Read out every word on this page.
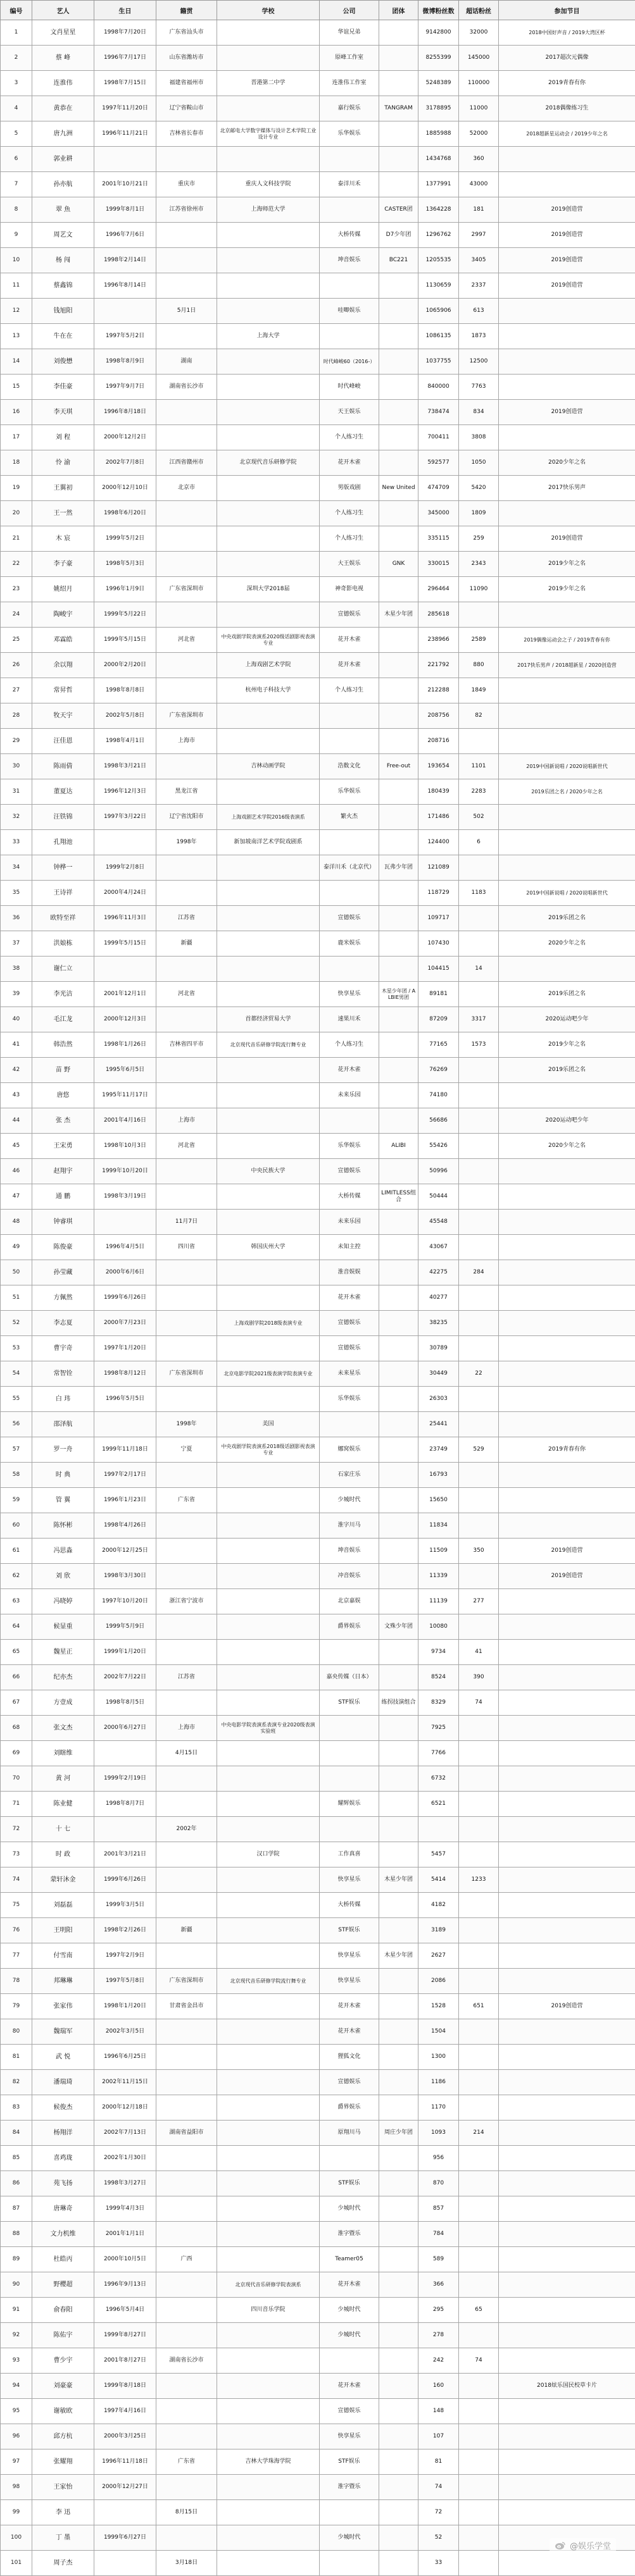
编号	艺人	生日	籍贯	学校	公司	团体	微博粉丝数	超话粉丝	参加节目
1	文肖星星	1998年7月20日	广东省汕头市		华谊兄弟		9142800	32000	2018中国好声音 / 2019大湾区杯
2	蔡 峰	1996年7月17日	山东省潍坊市		原峰工作室		8255399	145000	2017超次元偶像
3	连淮伟	1998年7月15日	福建省福州市	晋港第二中学	连淮伟工作室		5248389	110000	2019青春有你
4	黄恭在	1997年11月20日	辽宁省鞍山市		嘉行娱乐	TANGRAM	3178895	11000	2018偶像练习生
5	唐九洲	1996年11月21日	吉林省长春市	北京邮电大学数字媒体与设计艺术学院工业设计专业	乐华娱乐		1885988	52000	2018超新星运动会 / 2019少年之名
6	郭业耕						1434768	360	
7	孙亦航	2001年10月21日	重庆市	重庆人文科技学院	泰洋川禾		1377991	43000	
8	翠 魚	1999年8月1日	江苏省徐州市	上海师范大学		CASTER团	1364228	181	2019创造营
9	周艺文	1996年7月6日			大桥传媒	D7少年团	1296762	2997	2019创造营
10	杨 闯	1998年2月14日			坤音娱乐	BC221	1205535	3405	2019创造营
11	蔡鑫锦	1996年8月14日					1130659	2337	2019创造营
12	钱旭阳		5月1日		哇唧娱乐		1065906	613	
13	牛在在	1997年5月2日		上海大学			1086135	1873	
14	刘俊懋	1998年8月9日	湖南		时代峰峻60（2016-）		1037755	12500	
15	李佳豪	1997年9月7日	湖南省长沙市		时代峰峻		840000	7763	
16	李天琪	1996年8月18日			天王娱乐		738474	834	2019创造营
17	刘 程	2000年12月2日			个人练习生		700411	3808	
18	怜 渝	2002年7月8日	江西省赣州市	北京现代音乐研修学院	花开木雀		592577	1050	2020少年之名
19	王翼初	2000年12月10日	北京市		男版戏剧	New United	474709	5420	2017快乐男声
20	王一然	1998年6月20日			个人练习生		345000	1809	
21	木 宸	1999年5月2日			个人练习生		335115	259	2019创造营
22	李子豪	1998年5月3日			大王娱乐	GNK	330015	2343	2019少年之名
23	姚绍月	1996年1月9日	广东省深圳市	深圳大学2018届	神奇影电视		296464	11090	2019少年之名
24	陶峻宇	1999年5月22日			宣德娱乐	木星少年团	285618		
25	邓霖皓	1999年5月15日	河北省	中央戏剧学院表演系2020级话剧影视表演专业	花开木雀		238966	2589	2019偶像运动会之子 / 2019青春有你
26	余以翔	2000年2月20日		上海戏剧艺术学院	花开木雀		221792	880	2017快乐男声 / 2018超新星 / 2020创造营
27	常昇哲	1998年8月8日		杭州电子科技大学	个人练习生		212288	1849	
28	牧天宇	2002年5月8日	广东省深圳市				208756	82	
29	汪佳恩	1998年4月1日	上海市				208716		
30	陈雨倩	1998年3月21日		吉林动画学院	浩数文化	Free-out	193654	1101	2019中国新说唱 / 2020说唱新世代
31	董夏达	1996年12月3日	黑龙江省		乐华娱乐		180439	2283	2019乐团之名 / 2020少年之名
32	汪铁锦	1997年3月22日	辽宁省沈阳市	上海戏剧艺术学院2016级表演系	繁火杰		171486	502	
33	孔翔池		1998年	新加坡南洋艺术学院戏剧系			124400	6	
34	钟桦一	1999年2月8日			泰洋川禾（北京代）	瓦弗少年团	121089		
35	王诗祥	2000年4月24日					118729	1183	2019中国新说唱 / 2020说唱新世代
36	欧特至祥	1996年11月3日	江苏省		宣德娱乐		109717		2019乐团之名
37	洪娘栋	1999年5月15日	新疆		鹿米娱乐		107430		2020少年之名
38	谢仁立						104415	14	
39	李光洁	2001年12月1日	河北省		快享星乐	木星少年团 / ALBIE男团	89181		2019乐团之名
40	毛江龙	2000年12月3日		首都经济贸易大学	速果川禾		87209	3317	2020运动吧少年
41	韩浩然	1998年1月26日	吉林省四平市	北京现代音乐研修学院流行舞专业	个人练习生		77165	1573	2019少年之名
42	苗 野	1995年6月5日			花开木雀		76269		2019乐团之名
43	唐悠	1995年11月17日			未来乐园		74180		
44	张 杰	2001年4月16日	上海市				56686		2020运动吧少年
45	王宋勇	1998年10月3日	河北省		乐华娱乐	ALIBI	55426		2020少年之名
46	赵翔宇	1999年10月20日		中央民族大学	宣德娱乐		50996		
47	通 鹏	1998年3月19日			大桥传媒	LIMITLESS组合	50444		
48	钟睿琪		11月7日		未来乐园		45548		
49	陈俊豪	1996年4月5日	四川省	韩国庆州大学	未知主控		43067		
50	孙莹藏	2000年6月6日			淮音娱娱		42275	284	
51	方佩然	1999年6月26日			花开木雀		40277		
52	李志夏	2000年7月23日		上海戏剧学院2018级表演专业	宣德娱乐		38235		
53	曹宇奇	1997年1月20日			宣德娱乐		30789		
54	常智铨	1998年8月12日	广东省深圳市	北京电影学院2021级表演学院表演专业	未来星乐		30449	22	
55	白 玮	1996年5月5日			乐华娱乐		26303		
56	邵泽航		1998年	美国			25441		
57	罗一舟	1999年11月18日	宁夏	中央戏剧学院表演系2018级话剧影视表演专业	娜窝娱乐		23749	529	2019青春有你
58	时 典	1997年2月17日			石家庄乐		16793		
59	管 翼	1996年1月23日	广东省		少城时代		15650		
60	陈怀彬	1998年4月26日			淮字川马		11834		
61	冯思淼	2000年12月25日			坤音娱乐		11509	350	2019创造营
62	刘 欣	1998年3月30日			冲音娱乐		11339		2019创造营
63	冯晓婷	1997年10月20日	浙江省宁波市		北京嘉娱		11139	277	
64	候显重	1999年5月9日			爵界娱乐	文殊少年团	10080		
65	魏星正	1999年1月20日					9734	41	
66	纪亦杰	2002年7月22日	江苏省		嘉央传媒（日本）		8524	390	
67	方壹成	1998年8月5日			STF娱乐	练拐技演组合	8329	74	
68	张文杰	2000年6月27日	上海市	中央电影学院表演系表演专业2020级表演实验班			7925		
69	刘瞎维		4月15日				7766		
70	黄 河	1999年2月19日					6732		
71	陈业健	1998年8月7日			耀辉娱乐		6521		
72	十 七		2002年						
73	时 政	2001年3月21日		汉口学院	工作真喜		5457		
74	蒙轩沐金	1999年6月26日			快享星乐	木星少年团	5414	1233	
75	刘磊磊	1999年3月5日			大桥传媒		4182		
76	王明阳	1998年2月26日	新疆		STF娱乐		3189		
77	付雪南	1997年2月9日			快享星乐	木星少年团	2627		
78	邦琳琳	1997年5月8日	广东省深圳市	北京现代音乐研修学院流行舞专业	快享星乐		2086		
79	张家伟	1998年1月20日	甘肃省金昌市		花开木雀		1528	651	2019创造营
80	魏瑞军	2002年3月5日			花开木雀		1504		
81	武 悦	1996年6月25日			狸狐文化		1300		
82	潘瑞琦	2002年11月15日			宣德娱乐		1186		
83	候俊杰	2000年12月18日			爵界娱乐		1170		
84	杨翔洋	2002年7月13日	湖南省益阳市		原翔川马	周庄少年团	1093	214	
85	喜鸡珑	2002年1月30日					956		
86	苑飞扬	1998年3月27日			STF娱乐		870		
87	唐琳奇	1999年4月3日			少城时代		857		
88	文力机维	2001年1月1日			淮字暨乐		784		
89	杜皓丙	2000年10月5日	广西		Teamer05		589		
90	野樱超	1996年9月13日		北京现代音乐研修学院表演系	花开木雀		366		
91	俞春阳	1996年5月4日		四川音乐学院	少城时代		295	65	
92	陈佑宇	1999年8月27日			少城时代		278		
93	曹少宇	2001年8月27日	湖南省长沙市				242	74	
94	刘豪豪	1999年8月18日			花开木雀		160		2018炫乐国民校草卡片
95	谢敏欧	1997年4月16日			宣德娱乐		148		
96	邱方杭	2000年3月25日			快享星乐		107		
97	张耀翔	1996年11月18日	广东省	吉林大学珠海学院	STF娱乐		81		
98	王家怡	2000年12月27日			淮字暨乐		74		
99	李 迅		8月15日				72		
100	丁 墨	1999年6月27日			少城时代		52		
101	周子杰		3月18日				33		
@娱乐学堂
